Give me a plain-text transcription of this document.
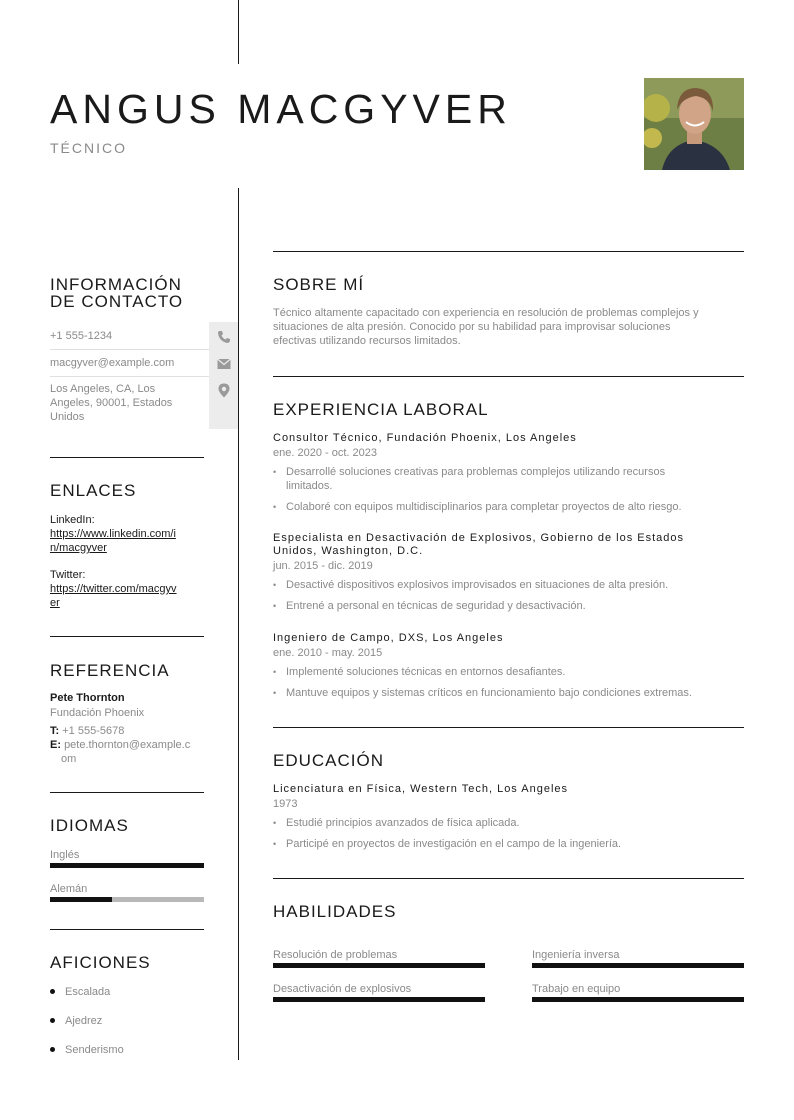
ANGUS MACGYVER
TÉCNICO
INFORMACIÓN
DE CONTACTO
+1 555-1234
macgyver@example.com
Los Angeles, CA, Los
Angeles, 90001, Estados
Unidos
ENLACES
LinkedIn:
https://www.linkedin.com/i
n/macgyver
Twitter:
https://twitter.com/macgyv
er
REFERENCIA
Pete Thornton
Fundación Phoenix
T: +1 555-5678
E: pete.thornton@example.c
om
IDIOMAS
Inglés
Alemán
AFICIONES
Escalada
Ajedrez
Senderismo
SOBRE MÍ
Técnico altamente capacitado con experiencia en resolución de problemas complejos y
situaciones de alta presión. Conocido por su habilidad para improvisar soluciones
efectivas utilizando recursos limitados.
EXPERIENCIA LABORAL
Consultor Técnico, Fundación Phoenix, Los Angeles
ene. 2020 - oct. 2023
• Desarrollé soluciones creativas para problemas complejos utilizando recursos limitados.
• Colaboré con equipos multidisciplinarios para completar proyectos de alto riesgo.
Especialista en Desactivación de Explosivos, Gobierno de los Estados
Unidos, Washington, D.C.
jun. 2015 - dic. 2019
• Desactivé dispositivos explosivos improvisados en situaciones de alta presión.
• Entrené a personal en técnicas de seguridad y desactivación.
Ingeniero de Campo, DXS, Los Angeles
ene. 2010 - may. 2015
• Implementé soluciones técnicas en entornos desafiantes.
• Mantuve equipos y sistemas críticos en funcionamiento bajo condiciones extremas.
EDUCACIÓN
Licenciatura en Física, Western Tech, Los Angeles
1973
• Estudié principios avanzados de física aplicada.
• Participé en proyectos de investigación en el campo de la ingeniería.
HABILIDADES
Resolución de problemas	Ingeniería inversa
Desactivación de explosivos	Trabajo en equipo
